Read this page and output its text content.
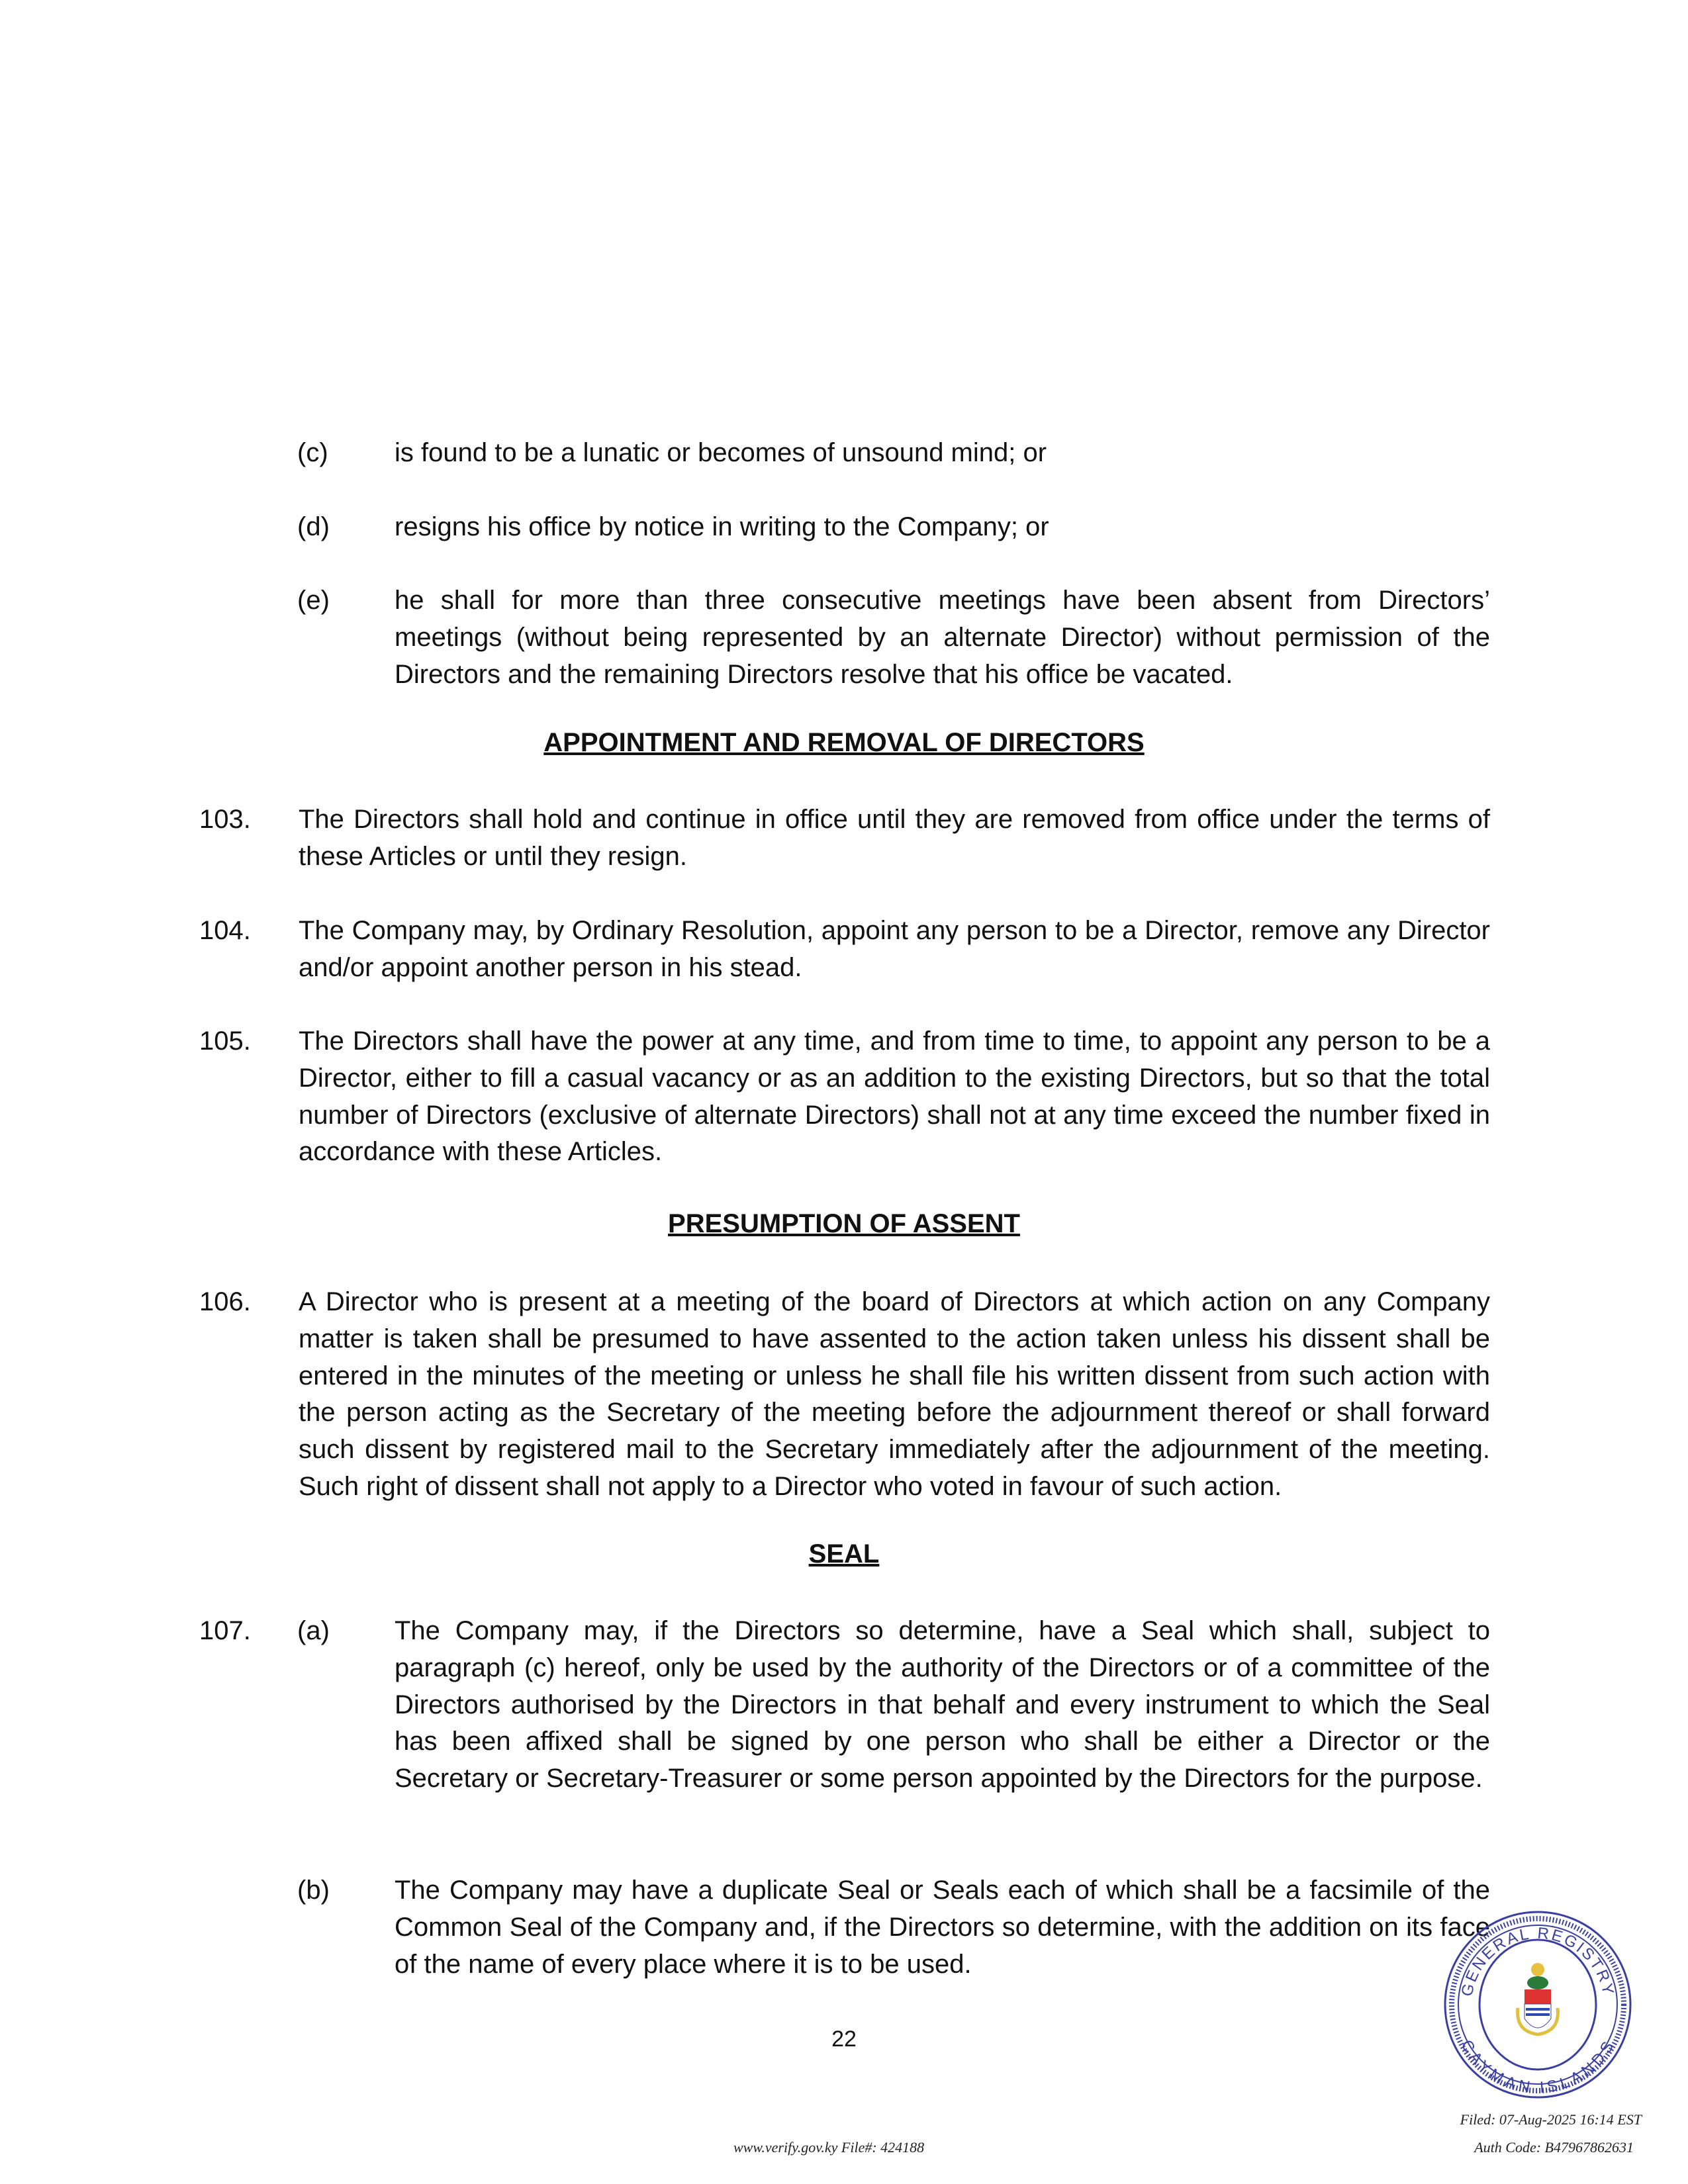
(c)	is found to be a lunatic or becomes of unsound mind; or
(d) resigns his office by notice in writing to the Company; or
(e) he shall for more than three consecutive meetings have been absent from Directors’ meetings (without being represented by an alternate Director) without permission of the Directors and the remaining Directors resolve that his office be vacated.
APPOINTMENT AND REMOVAL OF DIRECTORS
103. The Directors shall hold and continue in office until they are removed from office under the terms of these Articles or until they resign.
104. The Company may, by Ordinary Resolution, appoint any person to be a Director, remove any Director and/or appoint another person in his stead.
105. The Directors shall have the power at any time, and from time to time, to appoint any person to be a Director, either to fill a casual vacancy or as an addition to the existing Directors, but so that the total number of Directors (exclusive of alternate Directors) shall not at any time exceed the number fixed in accordance with these Articles.
PRESUMPTION OF ASSENT
106. A Director who is present at a meeting of the board of Directors at which action on any Company matter is taken shall be presumed to have assented to the action taken unless his dissent shall be entered in the minutes of the meeting or unless he shall file his written dissent from such action with the person acting as the Secretary of the meeting before the adjournment thereof or shall forward such dissent by registered mail to the Secretary immediately after the adjournment of the meeting. Such right of dissent shall not apply to a Director who voted in favour of such action.
SEAL
107. (a) The Company may, if the Directors so determine, have a Seal which shall, subject to paragraph (c) hereof, only be used by the authority of the Directors or of a committee of the Directors authorised by the Directors in that behalf and every instrument to which the Seal has been affixed shall be signed by one person who shall be either a Director or the Secretary or Secretary-Treasurer or some person appointed by the Directors for the purpose.
(b) The Company may have a duplicate Seal or Seals each of which shall be a facsimile of the Common Seal of the Company and, if the Directors so determine, with the addition on its face of the name of every place where it is to be used.
22
GENERAL REGISTRY
CAYMAN ISLANDS
Filed: 07-Aug-2025 16:14 EST
Auth Code: B47967862631
www.verify.gov.ky File#: 424188
